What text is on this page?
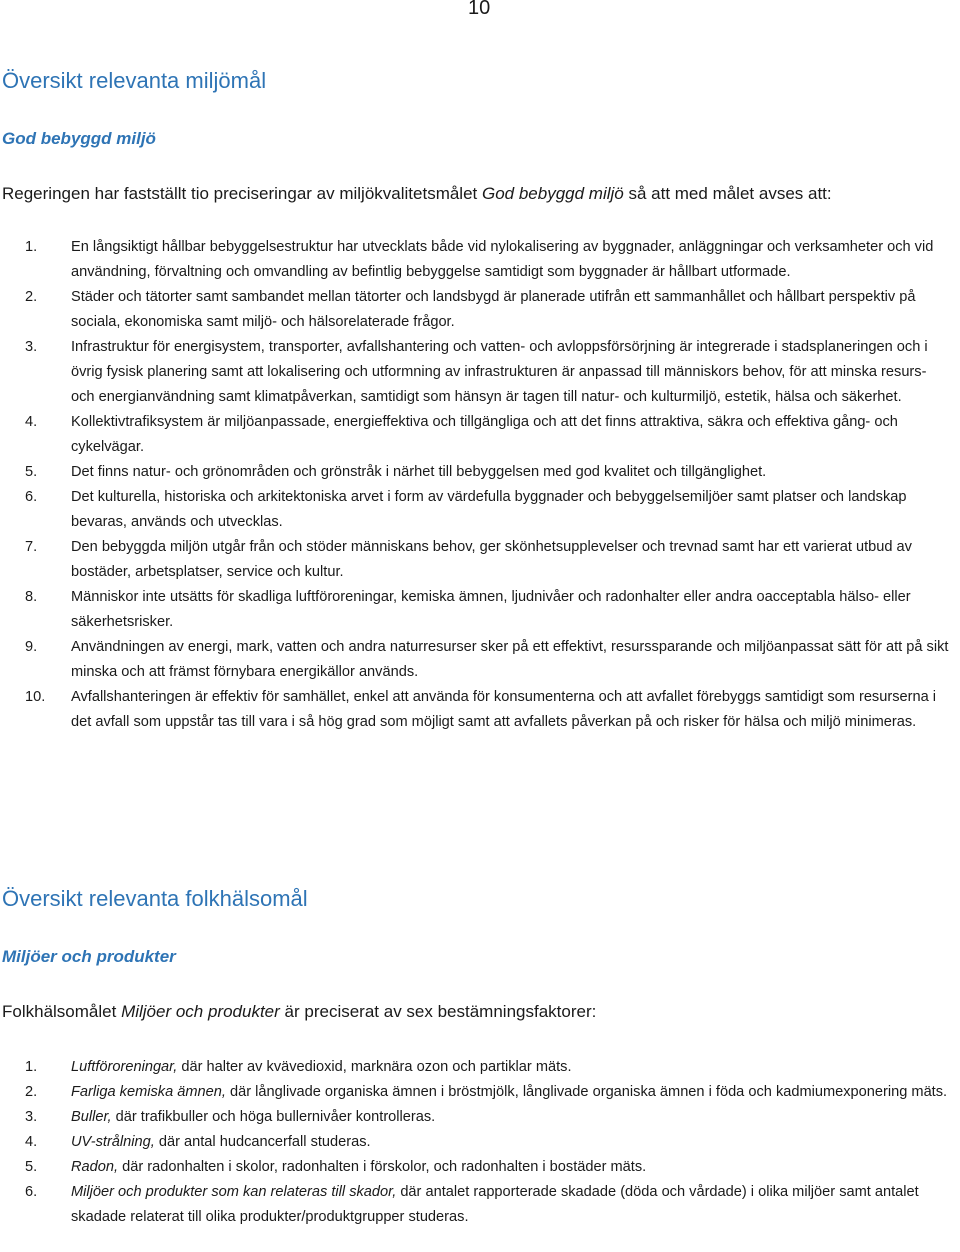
10
Översikt relevanta miljömål
God bebyggd miljö

Regeringen har fastställt tio preciseringar av miljökvalitetsmålet God bebyggd miljö så att med målet avses att:

1. En långsiktigt hållbar bebyggelsestruktur har utvecklats både vid nylokalisering av byggnader, anläggningar och verksamheter och vid användning, förvaltning och omvandling av befintlig bebyggelse samtidigt som byggnader är hållbart utformade.
2. Städer och tätorter samt sambandet mellan tätorter och landsbygd är planerade utifrån ett sammanhållet och hållbart perspektiv på sociala, ekonomiska samt miljö- och hälsorelaterade frågor.
3. Infrastruktur för energisystem, transporter, avfallshantering och vatten- och avloppsförsörjning är integrerade i stadsplaneringen och i övrig fysisk planering samt att lokalisering och utformning av infrastrukturen är anpassad till människors behov, för att minska resurs- och energianvändning samt klimatpåverkan, samtidigt som hänsyn är tagen till natur- och kulturmiljö, estetik, hälsa och säkerhet.
4. Kollektivtrafiksystem är miljöanpassade, energieffektiva och tillgängliga och att det finns attraktiva, säkra och effektiva gång- och cykelvägar.
5. Det finns natur- och grönområden och grönstråk i närhet till bebyggelsen med god kvalitet och tillgänglighet.
6. Det kulturella, historiska och arkitektoniska arvet i form av värdefulla byggnader och bebyggelsemiljöer samt platser och landskap bevaras, används och utvecklas.
7. Den bebyggda miljön utgår från och stöder människans behov, ger skönhetsupplevelser och trevnad samt har ett varierat utbud av bostäder, arbetsplatser, service och kultur.
8. Människor inte utsätts för skadliga luftföroreningar, kemiska ämnen, ljudnivåer och radonhalter eller andra oacceptabla hälso- eller säkerhetsrisker.
9. Användningen av energi, mark, vatten och andra naturresurser sker på ett effektivt, resurssparande och miljöanpassat sätt för att på sikt minska och att främst förnybara energikällor används.
10. Avfallshanteringen är effektiv för samhället, enkel att använda för konsumenterna och att avfallet förebyggs samtidigt som resurserna i det avfall som uppstår tas till vara i så hög grad som möjligt samt att avfallets påverkan på och risker för hälsa och miljö minimeras.
Översikt relevanta folkhälsomål
Miljöer och produkter

Folkhälsomålet Miljöer och produkter är preciserat av sex bestämningsfaktorer:

1. Luftföroreningar, där halter av kvävedioxid, marknära ozon och partiklar mäts.
2. Farliga kemiska ämnen, där långlivade organiska ämnen i bröstmjölk, långlivade organiska ämnen i föda och kadmiumexponering mäts.
3. Buller, där trafikbuller och höga bullernivåer kontrolleras.
4. UV-strålning, där antal hudcancerfall studeras.
5. Radon, där radonhalten i skolor, radonhalten i förskolor, och radonhalten i bostäder mäts.
6. Miljöer och produkter som kan relateras till skador, där antalet rapporterade skadade (döda och vårdade) i olika miljöer samt antalet skadade relaterat till olika produkter/produktgrupper studeras.
